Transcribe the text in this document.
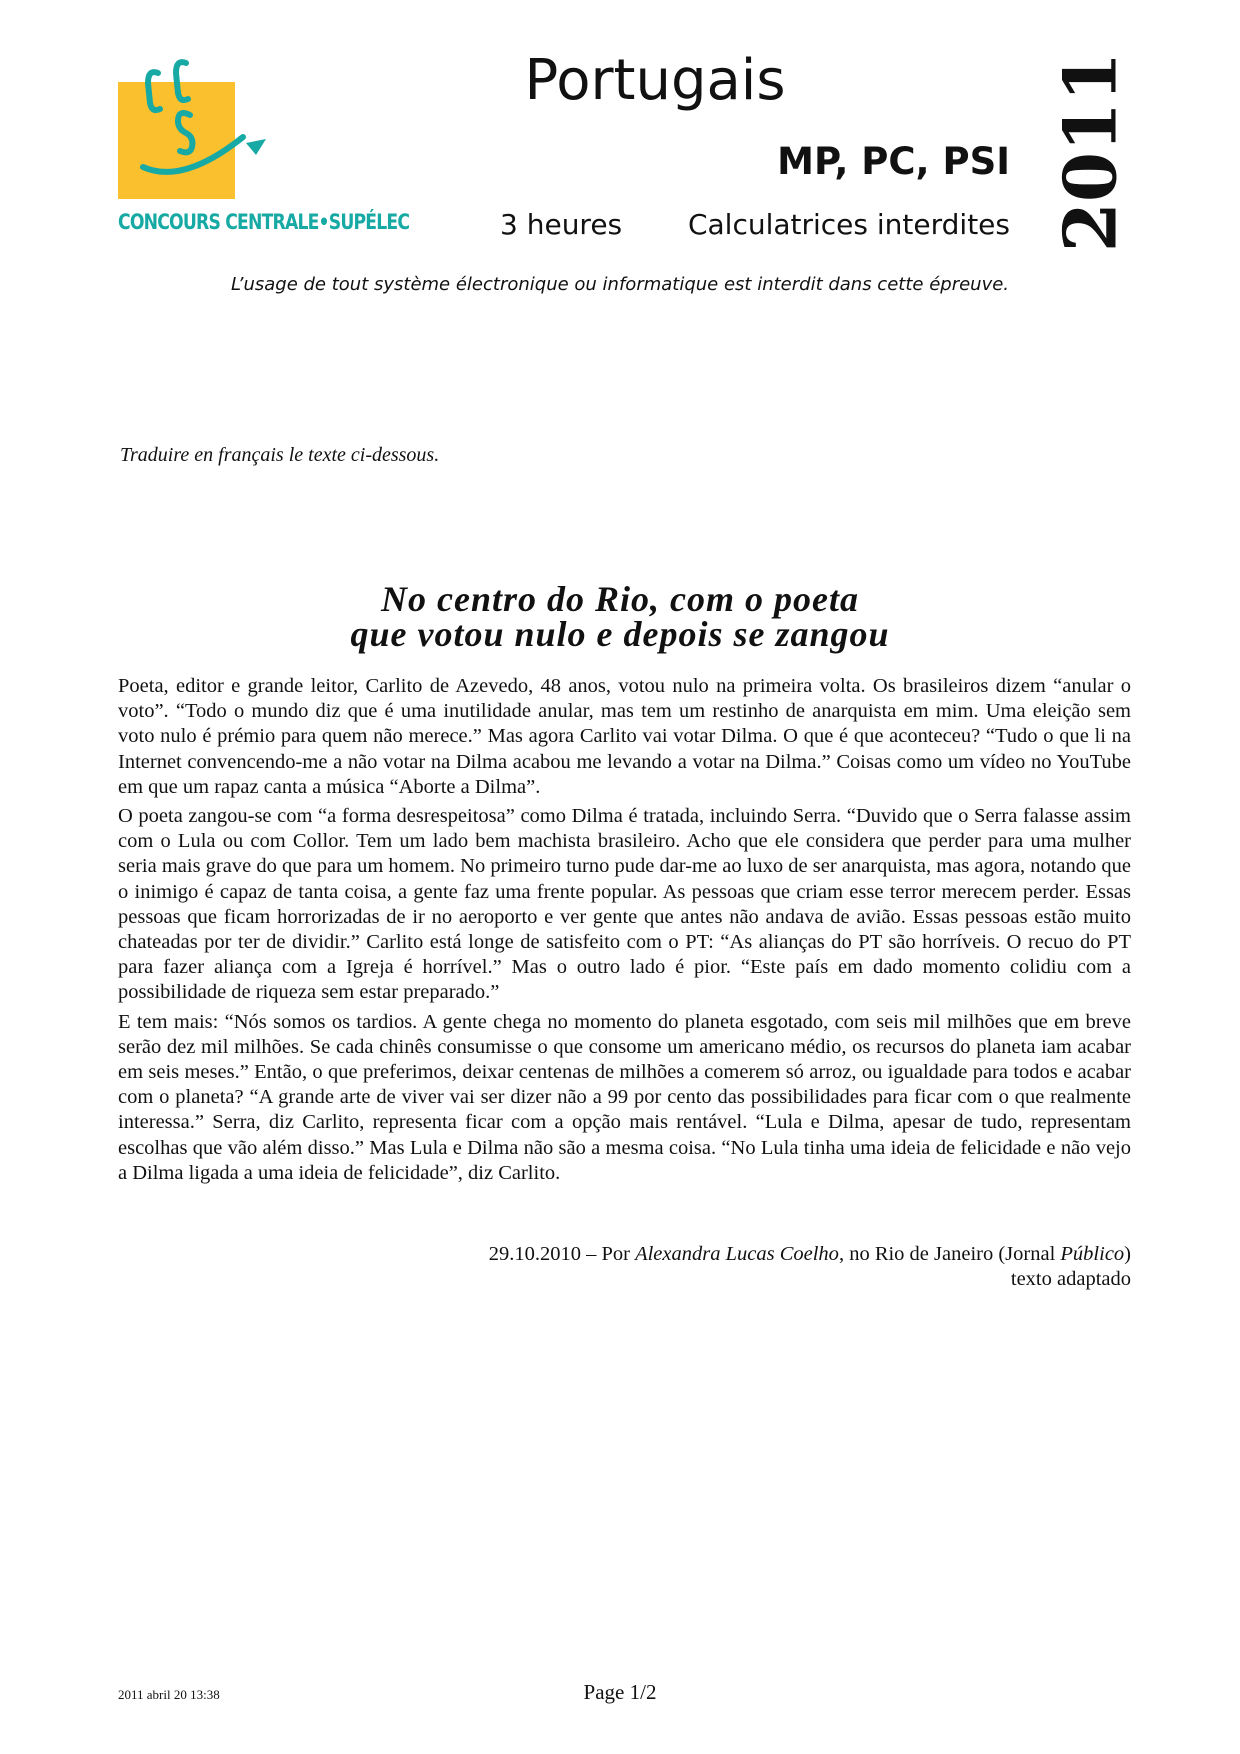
CONCOURS CENTRALE•SUPÉLEC
Portugais
MP, PC, PSI
3 heures Calculatrices interdites 2011
L’usage de tout système électronique ou informatique est interdit dans cette épreuve.
Traduire en français le texte ci-dessous.
No centro do Rio, com o poeta
que votou nulo e depois se zangou

Poeta, editor e grande leitor, Carlito de Azevedo, 48 anos, votou nulo na primeira volta. Os brasileiros dizem “anular o voto”. “Todo o mundo diz que é uma inutilidade anular, mas tem um restinho de anarquista em mim. Uma eleição sem voto nulo é prémio para quem não merece.” Mas agora Carlito vai votar Dilma. O que é que aconteceu? “Tudo o que li na Internet convencendo-me a não votar na Dilma acabou me levando a votar na Dilma.” Coisas como um vídeo no YouTube em que um rapaz canta a música “Aborte a Dilma”.

O poeta zangou-se com “a forma desrespeitosa” como Dilma é tratada, incluindo Serra. “Duvido que o Serra falasse assim com o Lula ou com Collor. Tem um lado bem machista brasileiro. Acho que ele considera que perder para uma mulher seria mais grave do que para um homem. No primeiro turno pude dar-me ao luxo de ser anarquista, mas agora, notando que o inimigo é capaz de tanta coisa, a gente faz uma frente popular. As pessoas que criam esse terror merecem perder. Essas pessoas que ficam horrorizadas de ir no aeroporto e ver gente que antes não andava de avião. Essas pessoas estão muito chateadas por ter de dividir.” Carlito está longe de satisfeito com o PT: “As alianças do PT são horríveis. O recuo do PT para fazer aliança com a Igreja é horrível.” Mas o outro lado é pior. “Este país em dado momento colidiu com a possibilidade de riqueza sem estar preparado.”

E tem mais: “Nós somos os tardios. A gente chega no momento do planeta esgotado, com seis mil milhões que em breve serão dez mil milhões. Se cada chinês consumisse o que consome um americano médio, os recursos do planeta iam acabar em seis meses.” Então, o que preferimos, deixar centenas de milhões a comerem só arroz, ou igualdade para todos e acabar com o planeta? “A grande arte de viver vai ser dizer não a 99 por cento das possibilidades para ficar com o que realmente interessa.” Serra, diz Carlito, representa ficar com a opção mais rentável. “Lula e Dilma, apesar de tudo, representam escolhas que vão além disso.” Mas Lula e Dilma não são a mesma coisa. “No Lula tinha uma ideia de felicidade e não vejo a Dilma ligada a uma ideia de felicidade”, diz Carlito.

29.10.2010 – Por Alexandra Lucas Coelho, no Rio de Janeiro (Jornal Público)
texto adaptado
2011 abril 20 13:38	Page 1/2
